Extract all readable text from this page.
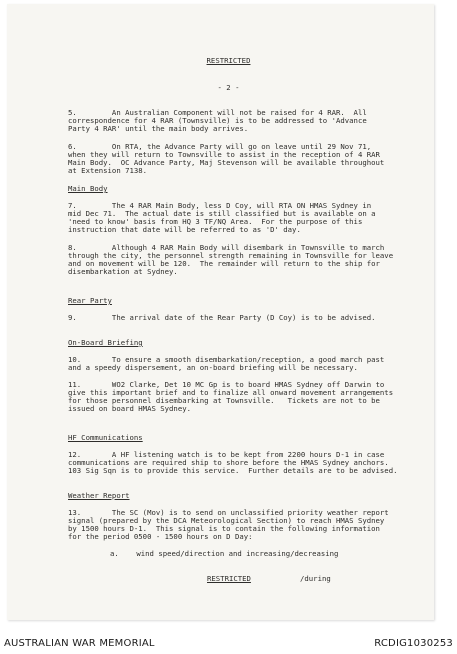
RESTRICTED
- 2 -
5.        An Australian Component will not be raised for 4 RAR.  All
correspondence for 4 RAR (Townsville) is to be addressed to 'Advance
Party 4 RAR' until the main body arrives.
6.        On RTA, the Advance Party will go on leave until 29 Nov 71,
when they will return to Townsville to assist in the reception of 4 RAR
Main Body.  OC Advance Party, Maj Stevenson will be available throughout
at Extension 7138.
Main Body
7.        The 4 RAR Main Body, less D Coy, will RTA ON HMAS Sydney in
mid Dec 71.  The actual date is still classified but is available on a
'need to know' basis from HQ 3 TF/NQ Area.  For the purpose of this
instruction that date will be referred to as 'D' day.
8.        Although 4 RAR Main Body will disembark in Townsville to march
through the city, the personnel strength remaining in Townsville for leave
and on movement will be 120.  The remainder will return to the ship for
disembarkation at Sydney.
Rear Party
9.        The arrival date of the Rear Party (D Coy) is to be advised.
On-Board Briefing
10.       To ensure a smooth disembarkation/reception, a good march past
and a speedy dispersement, an on-board briefing will be necessary.
11.       WO2 Clarke, Det 10 MC Gp is to board HMAS Sydney off Darwin to
give this important brief and to finalize all onward movement arrangements
for those personnel disembarking at Townsville.   Tickets are not to be
issued on board HMAS Sydney.
HF Communications
12.       A HF listening watch is to be kept from 2200 hours D-1 in case
communications are required ship to shore before the HMAS Sydney anchors.
103 Sig Sqn is to provide this service.  Further details are to be advised.
Weather Report
13.       The SC (Mov) is to send on unclassified priority weather report
signal (prepared by the DCA Meteorological Section) to reach HMAS Sydney
by 1500 hours D-1.  This signal is to contain the following information
for the period 0500 - 1500 hours on D Day:
a.    wind speed/direction and increasing/decreasing
RESTRICTED	/during
AUSTRALIAN WAR MEMORIAL	RCDIG1030253
